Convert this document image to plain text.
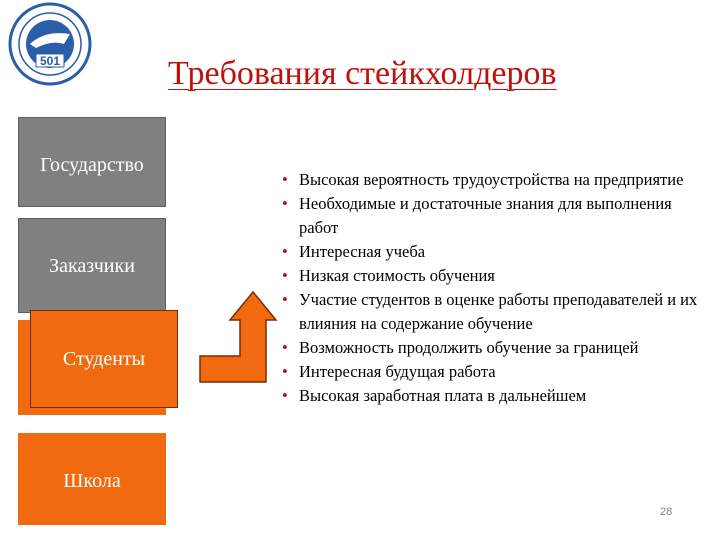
501	Требования стейкхолдеров
Государство
Заказчики
Студенты
Школа
• Высокая вероятность трудоустройства на предприятие
• Необходимые и достаточные знания для выполнения работ
• Интересная учеба
• Низкая стоимость обучения
• Участие студентов в оценке работы преподавателей и их влияния на содержание обучение
• Возможность продолжить обучение за границей
• Интересная будущая работа
• Высокая заработная плата в дальнейшем
28
